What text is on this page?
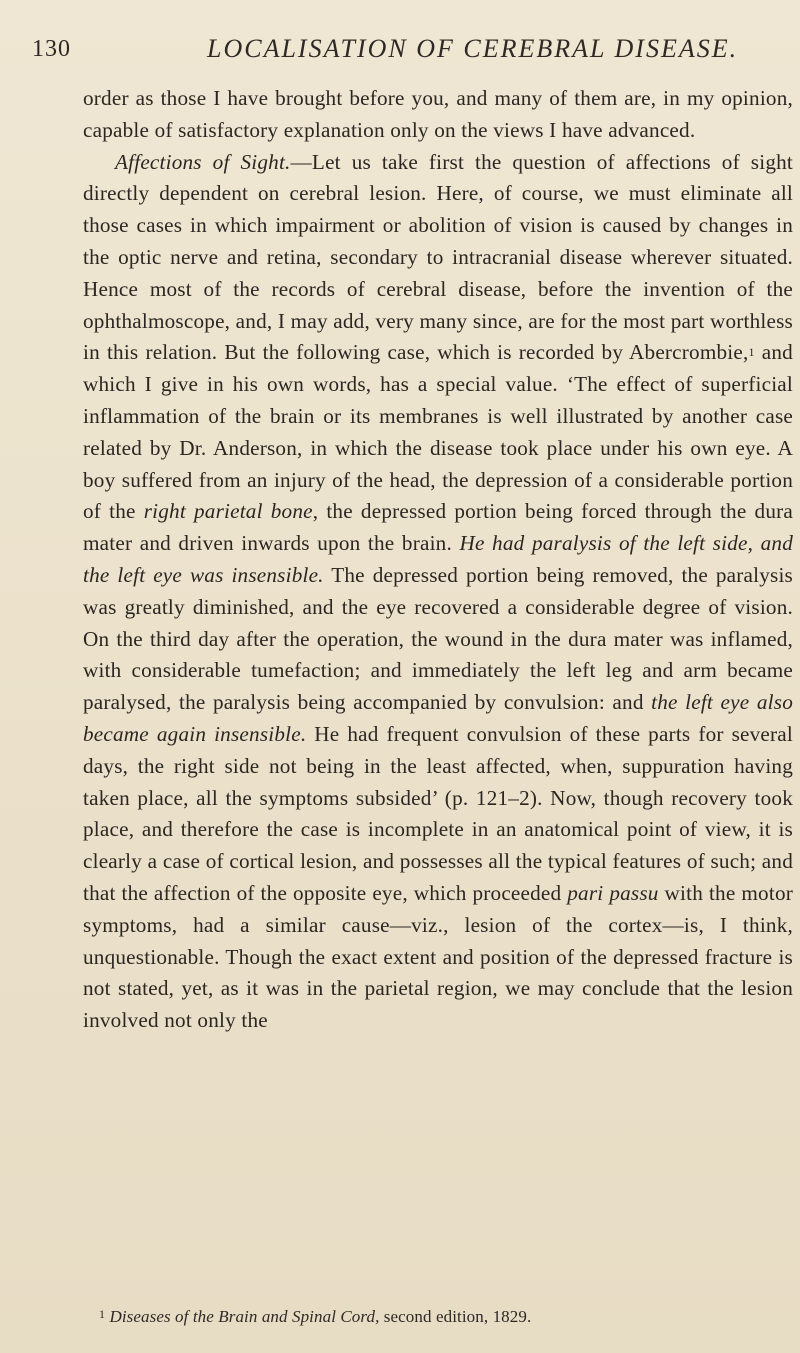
130	LOCALISATION OF CEREBRAL DISEASE.

order as those I have brought before you, and many of them are, in my opinion, capable of satisfactory explanation only on the views I have advanced.

Affections of Sight.—Let us take first the question of affections of sight directly dependent on cerebral lesion. Here, of course, we must eliminate all those cases in which impairment or abolition of vision is caused by changes in the optic nerve and retina, secondary to intracranial disease wherever situated. Hence most of the records of cerebral disease, before the invention of the ophthalmoscope, and, I may add, very many since, are for the most part worthless in this relation. But the following case, which is recorded by Abercrombie,$^1$ and which I give in his own words, has a special value. ‘The effect of superficial inflammation of the brain or its membranes is well illustrated by another case related by Dr. Anderson, in which the disease took place under his own eye. A boy suffered from an injury of the head, the depression of a considerable portion of the right parietal bone, the depressed portion being forced through the dura mater and driven inwards upon the brain. He had paralysis of the left side, and the left eye was insensible. The depressed portion being removed, the paralysis was greatly diminished, and the eye recovered a considerable degree of vision. On the third day after the operation, the wound in the dura mater was inflamed, with considerable tumefaction; and immediately the left leg and arm became paralysed, the paralysis being accompanied by convulsion: and the left eye also became again insensible. He had frequent convulsion of these parts for several days, the right side not being in the least affected, when, suppuration having taken place, all the symptoms subsided’ (p. 121–2). Now, though recovery took place, and therefore the case is incomplete in an anatomical point of view, it is clearly a case of cortical lesion, and possesses all the typical features of such; and that the affection of the opposite eye, which proceeded pari passu with the motor symptoms, had a similar cause—viz., lesion of the cortex—is, I think, unquestionable. Though the exact extent and position of the depressed fracture is not stated, yet, as it was in the parietal region, we may conclude that the lesion involved not only the

$^1$ Diseases of the Brain and Spinal Cord, second edition, 1829.
